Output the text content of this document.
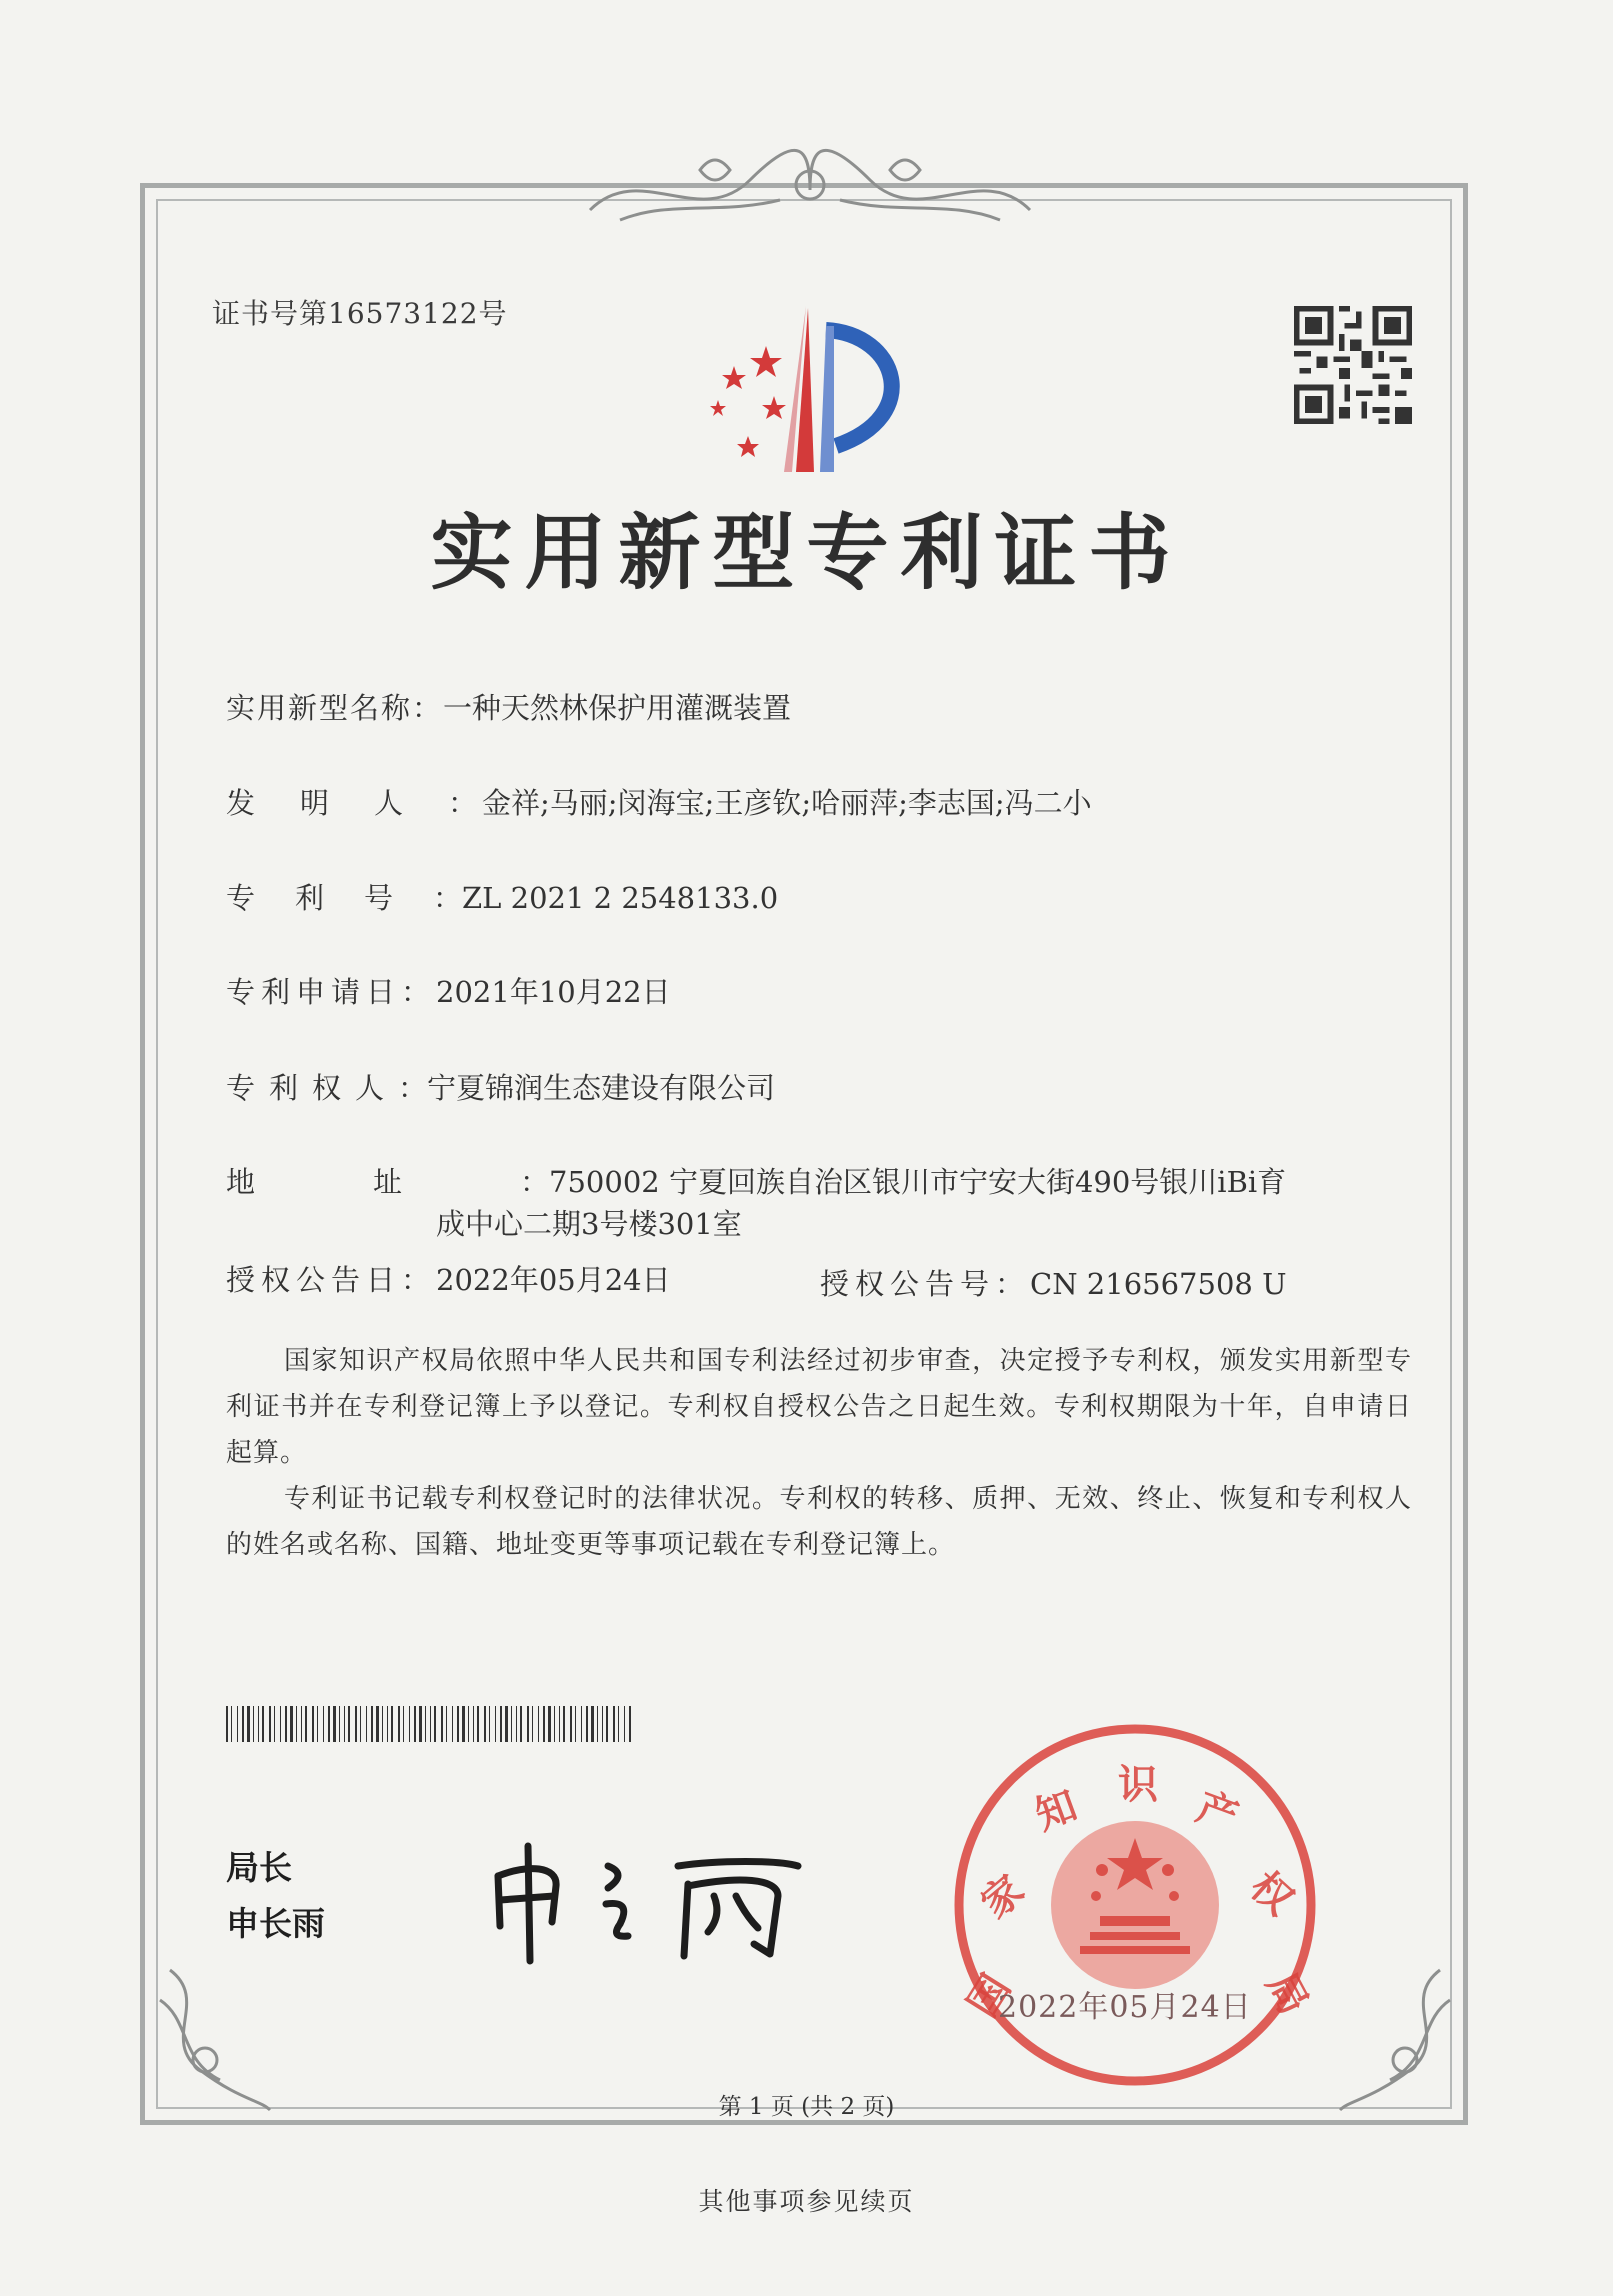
证书号第16573122号
实用新型专利证书
实用新型名称：一种天然林保护用灌溉装置
发明人：金祥;马丽;闵海宝;王彦钦;哈丽萍;李志国;冯二小
专利号：ZL 2021 2 2548133.0
专利申请日：2021年10月22日
专利权人：宁夏锦润生态建设有限公司
地址：750002 宁夏回族自治区银川市宁安大街490号银川iBi育
成中心二期3号楼301室
授权公告日：2022年05月24日	授权公告号：CN 216567508 U
国家知识产权局依照中华人民共和国专利法经过初步审查，决定授予专利权，颁发实用新型专利证书并在专利登记簿上予以登记。专利权自授权公告之日起生效。专利权期限为十年，自申请日起算。
专利证书记载专利权登记时的法律状况。专利权的转移、质押、无效、终止、恢复和专利权人的姓名或名称、国籍、地址变更等事项记载在专利登记簿上。
局长
申长雨
国
家
知 识 产
权
局
2022年05月24日
第 1 页 (共 2 页)
其他事项参见续页
